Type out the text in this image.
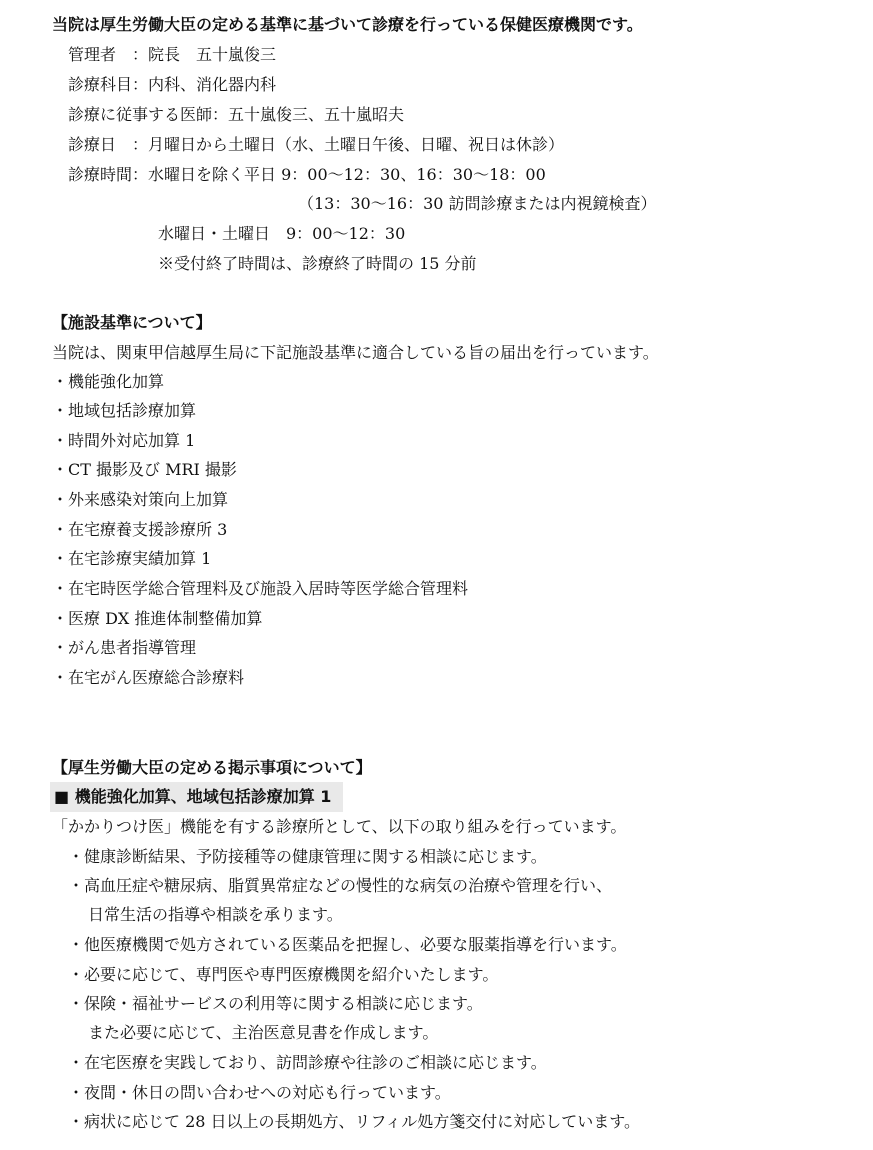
当院は厚生労働大臣の定める基準に基づいて診療を行っている保健医療機関です。
管理者　：院長　五十嵐俊三
診療科目：内科、消化器内科
診療に従事する医師：五十嵐俊三、五十嵐昭夫
診療日　：月曜日から土曜日（水、土曜日午後、日曜、祝日は休診）
診療時間：水曜日を除く平日 9：00～12：30、16：30～18：00
（13：30～16：30 訪問診療または内視鏡検査）
水曜日・土曜日　9：00～12：30
※受付終了時間は、診療終了時間の 15 分前
【施設基準について】
当院は、関東甲信越厚生局に下記施設基準に適合している旨の届出を行っています。
・機能強化加算
・地域包括診療加算
・時間外対応加算 1
・CT 撮影及び MRI 撮影
・外来感染対策向上加算
・在宅療養支援診療所 3
・在宅診療実績加算 1
・在宅時医学総合管理料及び施設入居時等医学総合管理料
・医療 DX 推進体制整備加算
・がん患者指導管理
・在宅がん医療総合診療料
【厚生労働大臣の定める掲示事項について】
■ 機能強化加算、地域包括診療加算 1
「かかりつけ医」機能を有する診療所として、以下の取り組みを行っています。
・健康診断結果、予防接種等の健康管理に関する相談に応じます。
・高血圧症や糖尿病、脂質異常症などの慢性的な病気の治療や管理を行い、
日常生活の指導や相談を承ります。
・他医療機関で処方されている医薬品を把握し、必要な服薬指導を行います。
・必要に応じて、専門医や専門医療機関を紹介いたします。
・保険・福祉サービスの利用等に関する相談に応じます。
また必要に応じて、主治医意見書を作成します。
・在宅医療を実践しており、訪問診療や往診のご相談に応じます。
・夜間・休日の問い合わせへの対応も行っています。
・病状に応じて 28 日以上の長期処方、リフィル処方箋交付に対応しています。
